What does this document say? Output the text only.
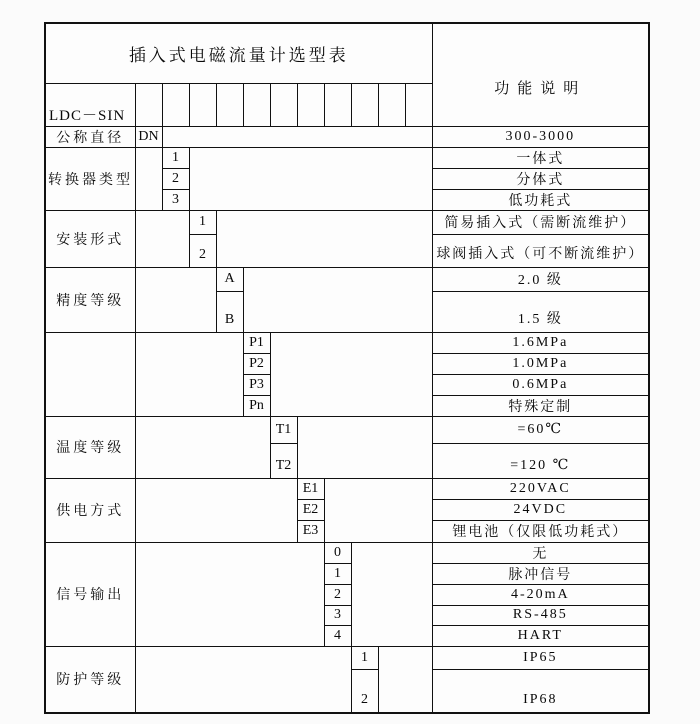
插入式电磁流量计选型表												功能说明
LDC－SIN												
公称直径	DN											300-3000
转换器类型		1										一体式
		2										分体式
		3										低功耗式
安装形式			1									简易插入式（需断流维护）
			2									球阀插入式（可不断流维护）
精度等级				A								2.0 级
				B								1.5 级
					P1							1.6MPa
					P2							1.0MPa
					P3							0.6MPa
					Pn							特殊定制
温度等级						T1						=60℃
						T2						=120 ℃
供电方式							E1					220VAC
							E2					24VDC
							E3					锂电池（仅限低功耗式）
信号输出								0				无
								1				脉冲信号
								2				4-20mA
								3				RS-485
								4				HART
防护等级									1			IP65
									2			IP68
